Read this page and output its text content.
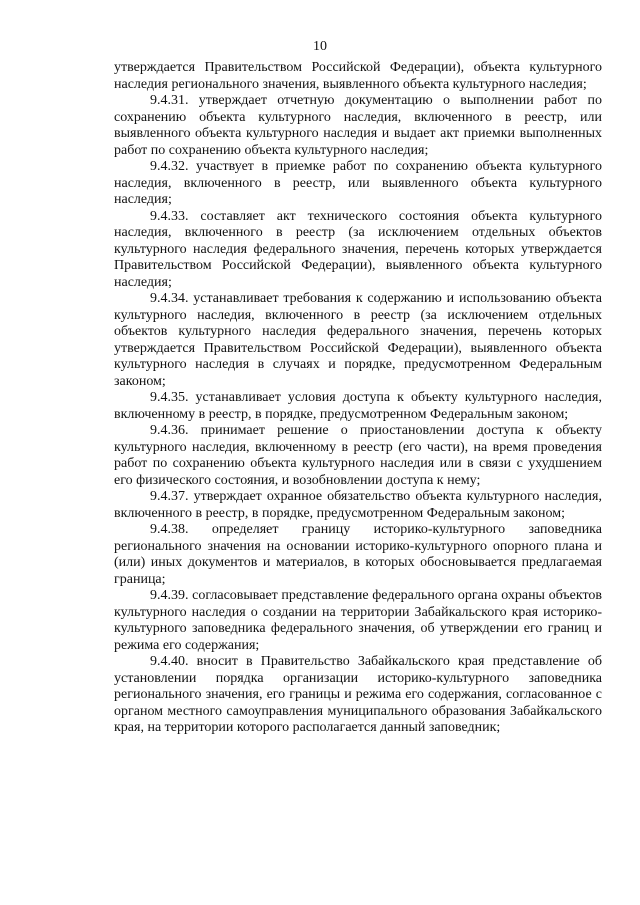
10

утверждается Правительством Российской Федерации), объекта культурного наследия регионального значения, выявленного объекта культурного наследия;

9.4.31. утверждает отчетную документацию о выполнении работ по сохранению объекта культурного наследия, включенного в реестр, или выявленного объекта культурного наследия и выдает акт приемки выполненных работ по сохранению объекта культурного наследия;

9.4.32. участвует в приемке работ по сохранению объекта культурного наследия, включенного в реестр, или выявленного объекта культурного наследия;

9.4.33. составляет акт технического состояния объекта культурного наследия, включенного в реестр (за исключением отдельных объектов культурного наследия федерального значения, перечень которых утверждается Правительством Российской Федерации), выявленного объекта культурного наследия;

9.4.34. устанавливает требования к содержанию и использованию объекта культурного наследия, включенного в реестр (за исключением отдельных объектов культурного наследия федерального значения, перечень которых утверждается Правительством Российской Федерации), выявленного объекта культурного наследия в случаях и порядке, предусмотренном Федеральным законом;

9.4.35. устанавливает условия доступа к объекту культурного наследия, включенному в реестр, в порядке, предусмотренном Федеральным законом;

9.4.36. принимает решение о приостановлении доступа к объекту культурного наследия, включенному в реестр (его части), на время проведения работ по сохранению объекта культурного наследия или в связи с ухудшением его физического состояния, и возобновлении доступа к нему;

9.4.37. утверждает охранное обязательство объекта культурного наследия, включенного в реестр, в порядке, предусмотренном Федеральным законом;

9.4.38. определяет границу историко-культурного заповедника регионального значения на основании историко-культурного опорного плана и (или) иных документов и материалов, в которых обосновывается предлагаемая граница;

9.4.39. согласовывает представление федерального органа охраны объектов культурного наследия о создании на территории Забайкальского края историко-культурного заповедника федерального значения, об утверждении его границ и режима его содержания;

9.4.40. вносит в Правительство Забайкальского края представление об установлении порядка организации историко-культурного заповедника регионального значения, его границы и режима его содержания, согласованное с органом местного самоуправления муниципального образования Забайкальского края, на территории которого располагается данный заповедник;
